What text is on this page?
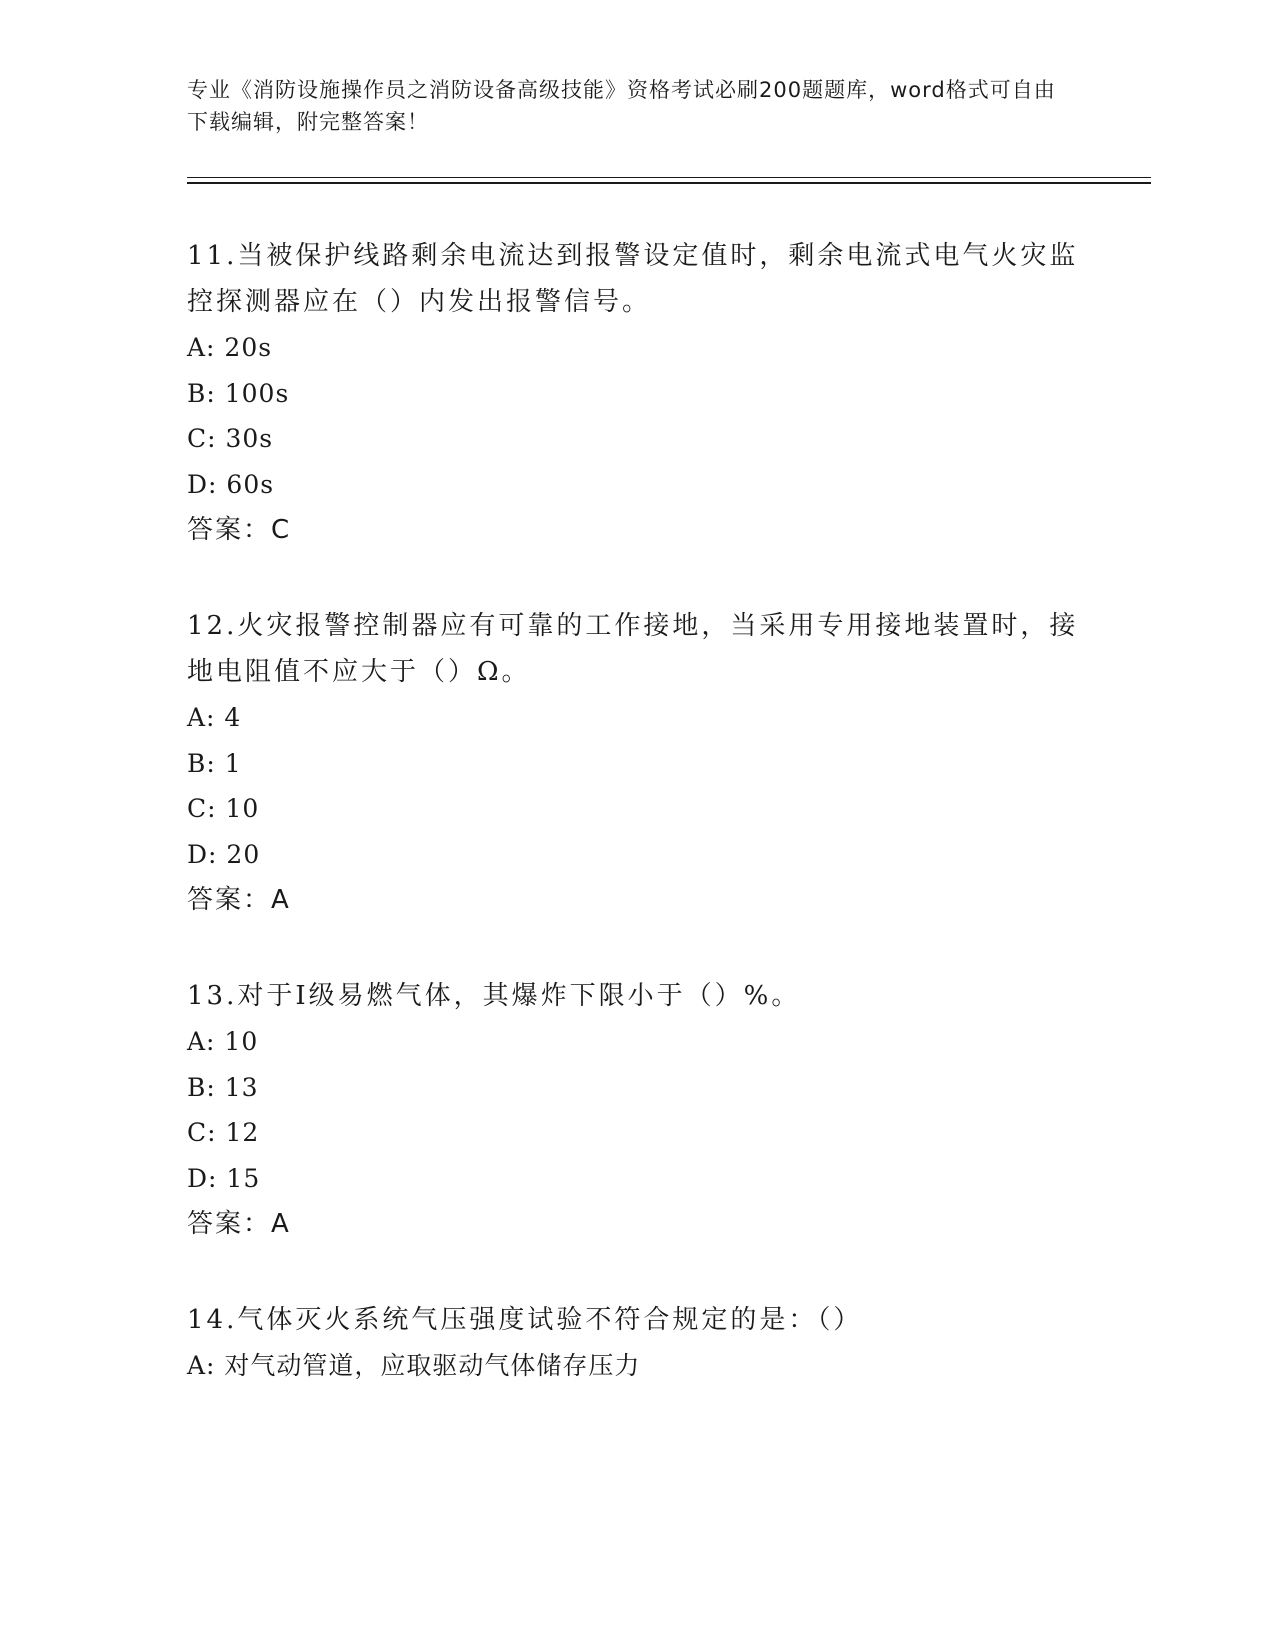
专业《消防设施操作员之消防设备高级技能》资格考试必刷200题题库，word格式可自由下载编辑，附完整答案！
11.当被保护线路剩余电流达到报警设定值时，剩余电流式电气火灾监控探测器应在（）内发出报警信号。
A: 20s
B: 100s
C: 30s
D: 60s
答案：C
12.火灾报警控制器应有可靠的工作接地，当采用专用接地装置时，接地电阻值不应大于（）Ω。
A: 4
B: 1
C: 10
D: 20
答案：A
13.对于Ⅰ级易燃气体，其爆炸下限小于（）%。
A: 10
B: 13
C: 12
D: 15
答案：A
14.气体灭火系统气压强度试验不符合规定的是：（）
A: 对气动管道，应取驱动气体储存压力
